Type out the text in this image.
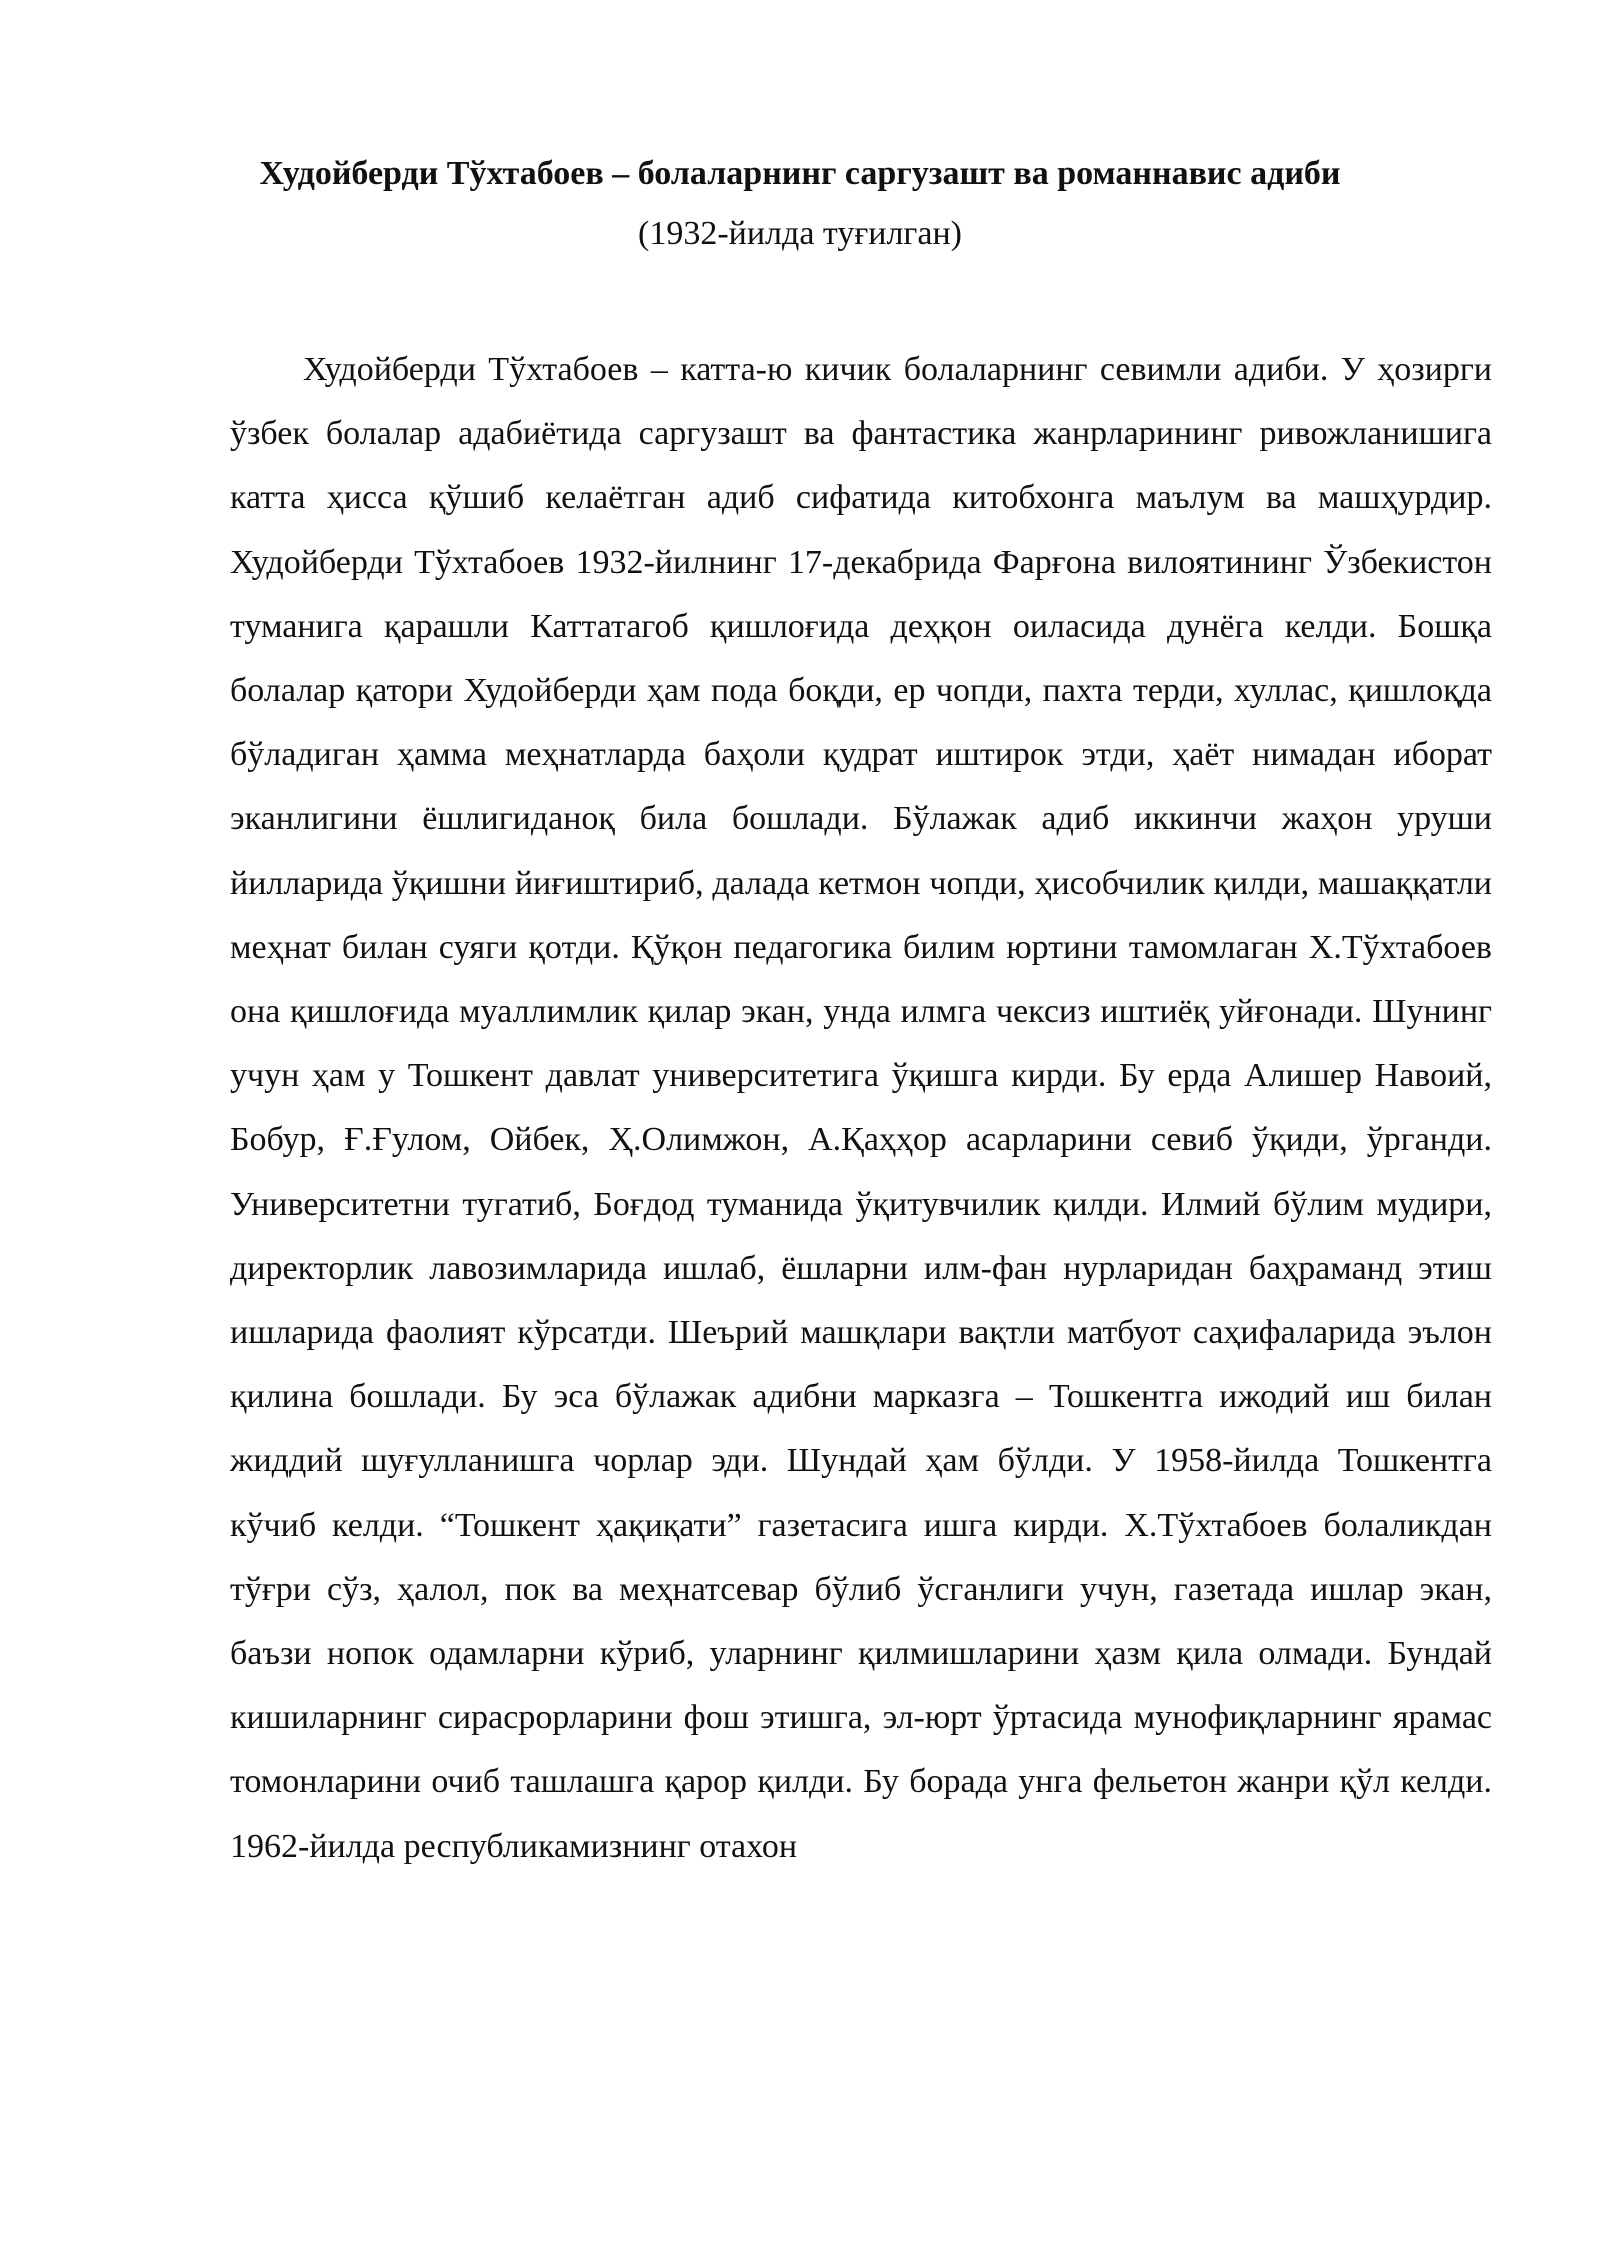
Худойберди Тўхтабоев – болаларнинг саргузашт ва романнавис адиби

(1932-йилда туғилган)

Худойберди Тўхтабоев – катта-ю кичик болаларнинг севимли адиби. У ҳозирги ўзбек болалар адабиётида саргузашт ва фантастика жанрларининг ривожланишига катта ҳисса қўшиб келаётган адиб сифатида китобхонга маълум ва машҳурдир. Худойберди Тўхтабоев 1932-йилнинг 17-декабрида Фарғона вилоятининг Ўзбекистон туманига қарашли Каттатагоб қишлоғида деҳқон оиласида дунёга келди. Бошқа болалар қатори Худойберди ҳам пода боқди, ер чопди, пахта терди, хуллас, қишлоқда бўладиган ҳамма меҳнатларда баҳоли қудрат иштирок этди, ҳаёт нимадан иборат эканлигини ёшлигиданоқ била бошлади. Бўлажак адиб иккинчи жаҳон уруши йилларида ўқишни йиғиштириб, далада кетмон чопди, ҳисобчилик қилди, машаққатли меҳнат билан суяги қотди. Қўқон педагогика билим юртини тамомлаган Х.Тўхтабоев она қишлоғида муаллимлик қилар экан, унда илмга чексиз иштиёқ уйғонади. Шунинг учун ҳам у Тошкент давлат университетига ўқишга кирди. Бу ерда Алишер Навоий, Бобур, Ғ.Ғулом, Ойбек, Ҳ.Олимжон, А.Қаҳҳор асарларини севиб ўқиди, ўрганди. Университетни тугатиб, Боғдод туманида ўқитувчилик қилди. Илмий бўлим мудири, директорлик лавозимларида ишлаб, ёшларни илм-фан нурларидан баҳраманд этиш ишларида фаолият кўрсатди. Шеърий машқлари вақтли матбуот саҳифаларида эълон қилина бошлади. Бу эса бўлажак адибни марказга – Тошкентга ижодий иш билан жиддий шуғулланишга чорлар эди. Шундай ҳам бўлди. У 1958-йилда Тошкентга кўчиб келди. “Тошкент ҳақиқати” газетасига ишга кирди. Х.Тўхтабоев болаликдан тўғри сўз, ҳалол, пок ва меҳнатсевар бўлиб ўсганлиги учун, газетада ишлар экан, баъзи нопок одамларни кўриб, уларнинг қилмишларини ҳазм қила олмади. Бундай кишиларнинг сирасрорларини фош этишга, эл-юрт ўртасида мунофиқларнинг ярамас томонларини очиб ташлашга қарор қилди. Бу борада унга фельетон жанри қўл келди. 1962-йилда республикамизнинг отахон
